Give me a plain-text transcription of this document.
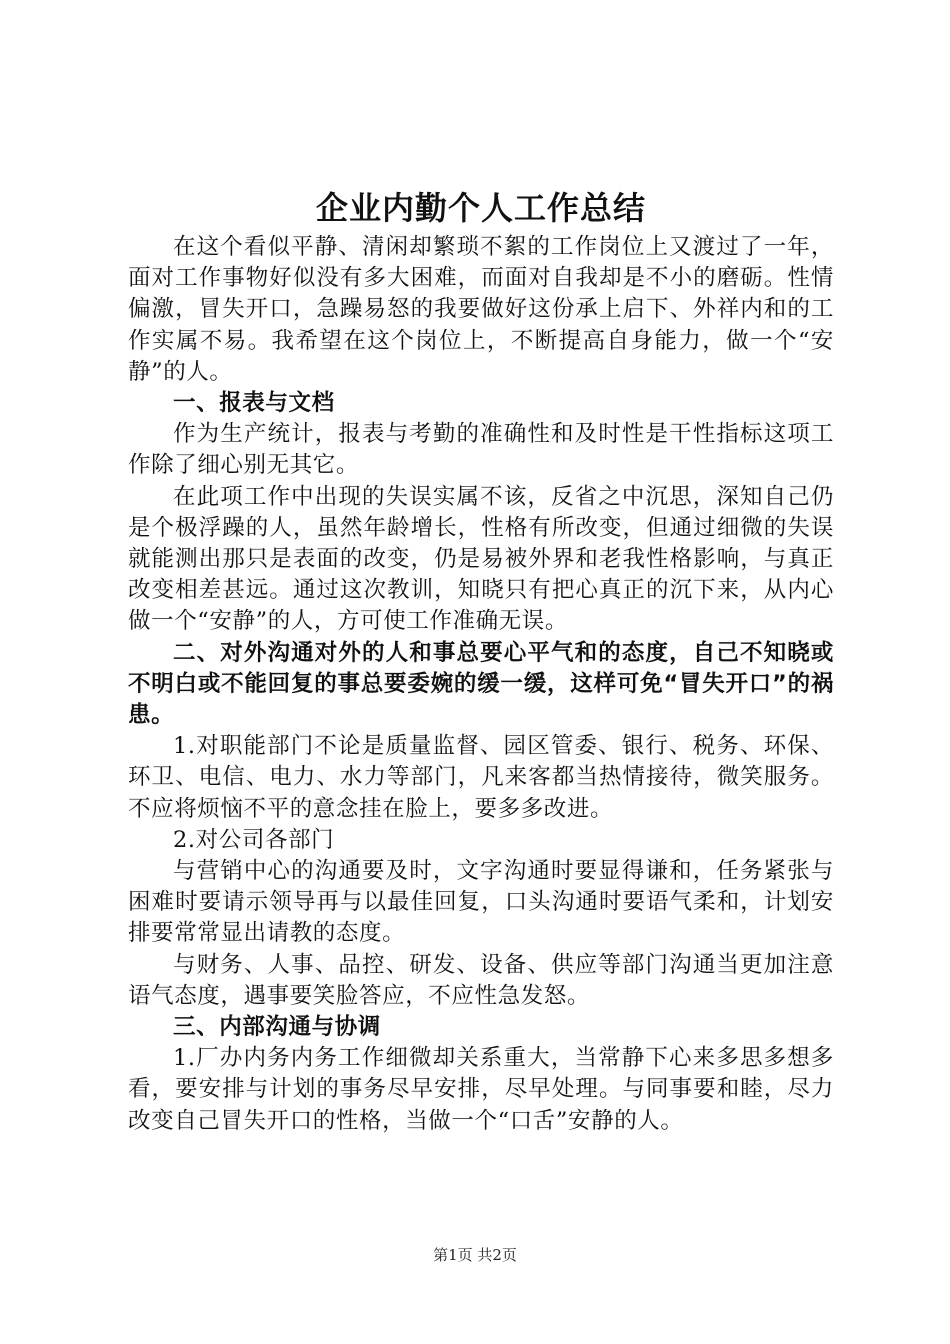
企业内勤个人工作总结

在这个看似平静、清闲却繁琐不絮的工作岗位上又渡过了一年，面对工作事物好似没有多大困难，而面对自我却是不小的磨砺。性情偏激，冒失开口，急躁易怒的我要做好这份承上启下、外祥内和的工作实属不易。我希望在这个岗位上，不断提高自身能力，做一个“安静”的人。

一、报表与文档

作为生产统计，报表与考勤的准确性和及时性是干性指标这项工作除了细心别无其它。

在此项工作中出现的失误实属不该，反省之中沉思，深知自己仍是个极浮躁的人，虽然年龄增长，性格有所改变，但通过细微的失误就能测出那只是表面的改变，仍是易被外界和老我性格影响，与真正改变相差甚远。通过这次教训，知晓只有把心真正的沉下来，从内心做一个“安静”的人，方可使工作准确无误。

二、对外沟通对外的人和事总要心平气和的态度，自己不知晓或不明白或不能回复的事总要委婉的缓一缓，这样可免“冒失开口”的祸患。

1.对职能部门不论是质量监督、园区管委、银行、税务、环保、环卫、电信、电力、水力等部门，凡来客都当热情接待，微笑服务。不应将烦恼不平的意念挂在脸上，要多多改进。

2.对公司各部门

与营销中心的沟通要及时，文字沟通时要显得谦和，任务紧张与困难时要请示领导再与以最佳回复，口头沟通时要语气柔和，计划安排要常常显出请教的态度。

与财务、人事、品控、研发、设备、供应等部门沟通当更加注意语气态度，遇事要笑脸答应，不应性急发怒。

三、内部沟通与协调

1.厂办内务内务工作细微却关系重大，当常静下心来多思多想多看，要安排与计划的事务尽早安排，尽早处理。与同事要和睦，尽力改变自己冒失开口的性格，当做一个“口舌”安静的人。

第1页 共2页
